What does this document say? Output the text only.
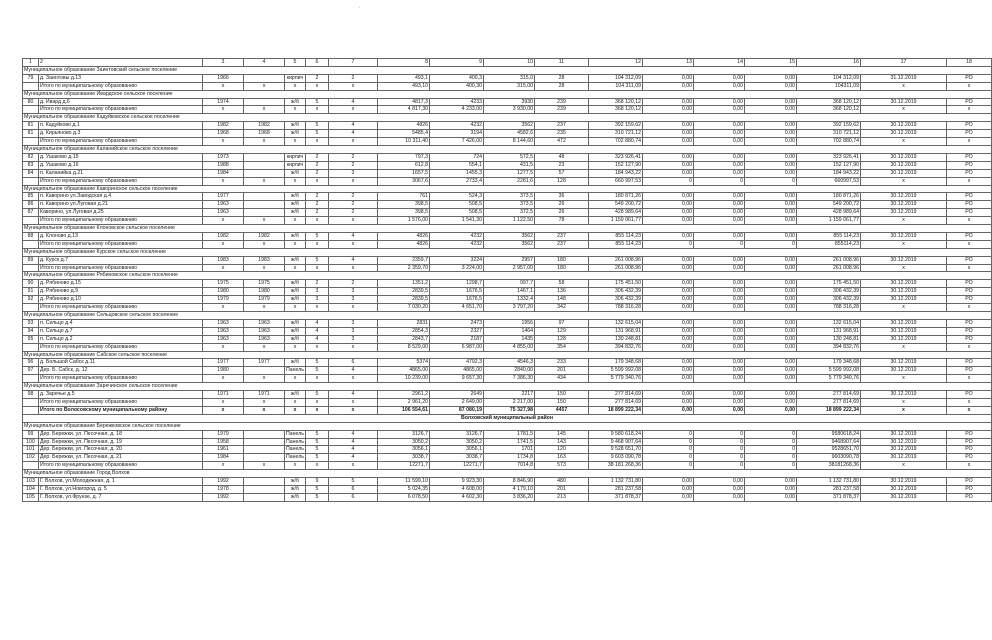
·
1	2	3	4	5	6	7	8	9	10	11	12	13	14	15	16	17	18
Муниципальное образование Заинтовский сельское поселение																	
79	д. Заинтовы д.13	1966		кирпич	2	2	493,1	400,3	315,0	28	104 312,09	0,00	0,00	0,00	104 312,09	31.12.2019	РО
	Итого по муниципальному образованию	х	х	х	х	х	493,10	400,30	315,00	28	104 311,09	0,00	0,00	0,00	104311,09	х	х
Муниципальное образование Ивардское сельское поселение																	
80	д. Ивард д.6	1974		ж/б	5	4	4817,3	4233	3930	239	368 120,12	0,00	0,00	0,00	368 120,12	30.12.2019	РО
	Итого по муниципальному образованию	х	х	х	х	х	4 817,30	4 233,00	3 930,00	239	368 120,12	0,00	0,00	0,00	368 120,12	х	х
Муниципальное образование Кадуйковское сельское поселение																	
81	п. Кадуйково д.1	1982	1982	ж/б	5	4	4826	4232	3562	237	392 159,62	0,00	0,00	0,00	392 159,62	30.12.2019	РО
81	д. Кирьяново д.3	1968	1968	ж/б	5	4	5485,4	3194	4582,6	235	310 721,12	0,00	0,00	0,00	310 721,12	30.12.2019	РО
	Итого по муниципальному образованию	х	х	х	х	х	10 311,40	7 426,00	8 144,60	472	702 880,74	0,00	0,00	0,00	702 880,74	х	х
Муниципальное образование Каланийское сельское поселение																	
82	д. Ушаково д.15	1973		кирпич	2	2	797,3	724	572,5	48	323 926,41	0,00	0,00	0,00	323 926,41	30.12.2019	РО
83	д. Ушаково д.16	1988		кирпич	2	2	612,8	554,1	431,5	23	152 127,90	0,00	0,00	0,00	152 127,90	30.12.2019	РО
84	п. Каланийка д.21	1984		ж/б	2	3	1657,5	1455,3	1277,5	57	184 943,22	0,00	0,00	0,00	184 943,22	30.12.2019	РО
	Итого по муниципальному образованию	х	х	х	х	х	3067,6	2733,4	2281,6	128	660 997,53	0	0	0	660997,53	х	х
Муниципальное образование Каворинское сельское поселение																	
85	п. Каворино ул.Заводская д.4	1977		ж/б	2	2	761	524,3	373,5	36	180 871,26	0,00	0,00	0,00	180 871,26	30.12.2019	РО
86	п. Каворино ул.Луговая д.21	1963		ж/б	2	2	398,5	508,5	373,5	26	549 200,72	0,00	0,00	0,00	549 200,72	30.12.2019	РО
87	Каворино, ул.Луговая д.25	1963		ж/б	2	2	398,5	508,5	372,5	26	428 989,64	0,00	0,00	0,00	428 989,64	30.12.2019	РО
	Итого по муниципальному образованию	х	х	х	х	х	1 576,00	1 541,30	1 122,50	78	1 159 061,77	0,00	0,00	0,00	1 159 061,77	х	х
Муниципальное образование Клоновское сельское поселение																	
88	д. Клоново д.13	1982	1982	ж/б	5	4	4826	4232	3562	237	855 114,23	0,00	0,00	0,00	855 114,23	30.12.2019	РО
	Итого по муниципальному образованию	х	х	х	х	х	4826	4232	3562	237	855 114,23	0	0	0	855114,23	х	х
Муниципальное образование Курское сельское поселение																	
89	д. Курск д.7	1983	1983	ж/б	5	4	2359,7	3224	2957	180	261 008,96	0,00	0,00	0,00	261 008,96	30.12.2019	РО
	Итого по муниципальному образованию	х	х	х	х	х	2 359,70	3 224,00	2 957,00	180	261 008,96	0,00	0,00	0,00	261 008,96	х	х
Муниципальное образование Рябиновское сельское поселение																	
90	д. Рябиново д.15	1975	1975	ж/б	2	2	1351,2	1298,7	997,7	58	175 451,50	0,00	0,00	0,00	175 451,50	30.12.2019	РО
91	д. Рябиново д.9	1980	1980	ж/б	3	3	2839,5	1676,5	1467,1	136	306 432,39	0,00	0,00	0,00	306 432,39	30.12.2019	РО
92	д. Рябиново д.10	1979	1979	ж/б	3	3	2839,5	1676,5	1332,4	148	306 432,39	0,00	0,00	0,00	306 432,39	30.12.2019	РО
	Итого по муниципальному образованию	х	х	х	х	х	7 030,20	4 651,70	3 797,20	342	788 316,28	0,00	0,00	0,00	788 316,28	х	х
Муниципальное образование Сельцовское сельское поселение																	
93	п. Сельцо д.4	1963	1963	ж/б	4	3	2831	2473	1956	97	132 615,04	0,00	0,00	0,00	132 615,04	30.12.2019	РО
94	п. Сельцо д.7	1963	1963	ж/б	4	3	2854,3	2327	1464	129	131 968,91	0,00	0,00	0,00	131 968,91	30.12.2019	РО
95	п. Сельцо д.2	1963	1963	ж/б	4	3	2843,7	2187	1435	128	130 248,81	0,00	0,00	0,00	130 248,81	30.12.2019	РО
	Итого по муниципальному образованию	х	х	х	х	х	8 529,00	6 987,00	4 855,00	354	394 832,76	0,00	0,00	0,00	394 832,76	х	х
Муниципальное образование Сабское сельское поселение																	
96	д. Большой Сабск д.11	1977	1977	ж/б	5	6	5374	4792,3	4546,3	233	179 348,68	0,00	0,00	0,00	179 348,68	30.12.2019	РО
97	Дер. Б. Сабск, д. 12	1980		Панель	5	4	4865,00	4865,00	2840,00	201	5 599 992,08	0,00	0,00	0,00	5 599 992,08	30.12.2019	РО
	Итого по муниципальному образованию	х	х	х	х	х	10 239,00	9 657,30	7 386,30	434	5 779 340,76	0,00	0,00	0,00	5 779 340,76	х	х
Муниципальное образование Заречинское сельское поселение																	
98	д. Заречье д.5	1971	1971	ж/б	5	4	2961,2	2649	2217	150	277 814,69	0,00	0,00	0,00	277 814,69	30.12.2019	РО
	Итого по муниципальному образованию	х	х	х	х	х	2 961,20	2 649,00	2 217,00	150	277 814,69	0,00	0,00	0,00	277 814,69	х	х
	Итого по Волосовскому муниципальному району	х	х	х	х	х	106 554,61	87 080,19	75 327,98	4457	18 899 222,34	0,00	0,00	0,00	18 899 222,34	х	х
Волховский муниципальный район																	
Муниципальное образование Бережковское сельское поселение																	
99	Дер. Бережки, ул. Песочная, д. 18	1979		Панель	5	4	3126,7	3126,7	1781,5	145	9 580 618,24	0	0	0	9580618,24	30.12.2019	РО
100	Дер. Бережки, ул. Песочная, д. 19	1958		Панель	5	4	3050,2	3050,2	1741,5	143	9 468 907,64	0	0	0	9468907,64	30.12.2019	РО
101	Дер. Бережки, ул. Песочная, д. 20	1961		Панель	5	4	3056,1	3056,1	1701	120	9 528 651,70	0	0	0	9528651,70	30.12.2019	РО
102	Дер. Бережки, ул. Песочная, д. 21	1984		Панель	5	4	3038,7	3038,7	1734,8	163	9 603 090,78	0	0	0	9603090,78	30.12.2019	РО
	Итого по муниципальному образованию	х	х	х	х	х	12271,7	12271,7	7014,8	573	38 181 268,36	0	0	0	38181268,36	х	х
Муниципальное образование Город Волхов																	
103	Г. Волхов, ул.Молодежная, д. 1	1992		ж/б	9	5	11 599,10	9 923,30	8 846,90	480	1 132 731,80	0,00	0,00	0,00	1 132 731,80	30.12.2019	РО
104	Г. Волхов, ул.Новгород, д. 5	1978		ж/б	5	6	5 024,35	4 608,00	4 179,10	201	281 237,58	0,00	0,00	0,00	281 237,58	30.12.2019	РО
105	Г. Волхов, ул.Фрунзе, д. 7	1992		ж/б	5	6	6 078,50	4 602,30	3 836,20	213	371 878,37	0,00	0,00	0,00	371 878,37	30.12.2019	РО
